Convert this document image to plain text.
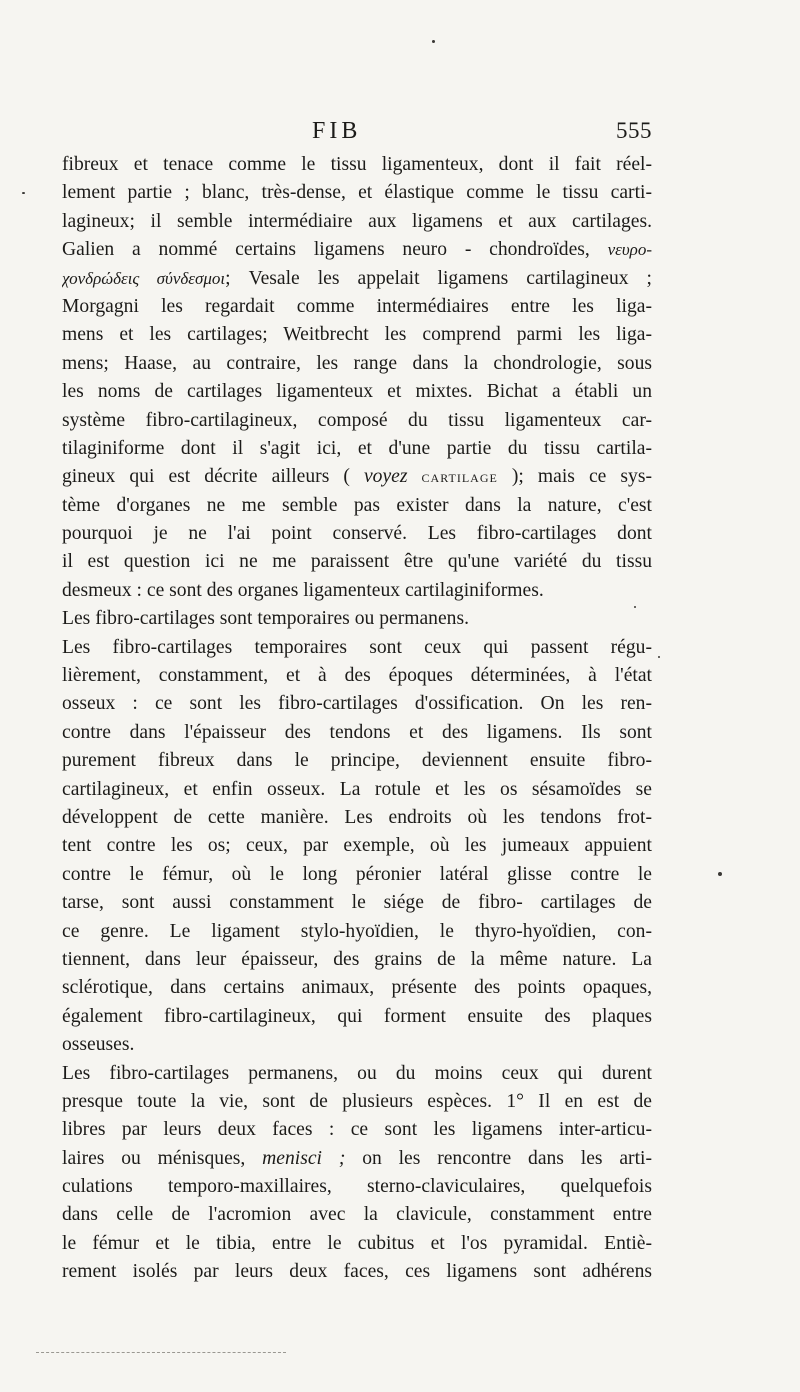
FIB	555
fibreux et tenace comme le tissu ligamenteux, dont il fait réel-
lement partie ; blanc, très-dense, et élastique comme le tissu carti-
lagineux; il semble intermédiaire aux ligamens et aux cartilages.
Galien a nommé certains ligamens neuro - chondroïdes, νευρο-
χονδρώδεις σύνδεσμοι; Vesale les appelait ligamens cartilagineux ;
Morgagni les regardait comme intermédiaires entre les liga-
mens et les cartilages; Weitbrecht les comprend parmi les liga-
mens; Haase, au contraire, les range dans la chondrologie, sous
les noms de cartilages ligamenteux et mixtes. Bichat a établi un
système fibro-cartilagineux, composé du tissu ligamenteux car-
tilaginiforme dont il s'agit ici, et d'une partie du tissu cartila-
gineux qui est décrite ailleurs ( voyez cartilage ); mais ce sys-
tème d'organes ne me semble pas exister dans la nature, c'est
pourquoi je ne l'ai point conservé. Les fibro-cartilages dont
il est question ici ne me paraissent être qu'une variété du tissu
desmeux : ce sont des organes ligamenteux cartilaginiformes.
Les fibro-cartilages sont temporaires ou permanens.
Les fibro-cartilages temporaires sont ceux qui passent régu-
lièrement, constamment, et à des époques déterminées, à l'état
osseux : ce sont les fibro-cartilages d'ossification. On les ren-
contre dans l'épaisseur des tendons et des ligamens. Ils sont
purement fibreux dans le principe, deviennent ensuite fibro-
cartilagineux, et enfin osseux. La rotule et les os sésamoïdes se
développent de cette manière. Les endroits où les tendons frot-
tent contre les os; ceux, par exemple, où les jumeaux appuient
contre le fémur, où le long péronier latéral glisse contre le
tarse, sont aussi constamment le siége de fibro- cartilages de
ce genre. Le ligament stylo-hyoïdien, le thyro-hyoïdien, con-
tiennent, dans leur épaisseur, des grains de la même nature. La
sclérotique, dans certains animaux, présente des points opaques,
également fibro-cartilagineux, qui forment ensuite des plaques
osseuses.
Les fibro-cartilages permanens, ou du moins ceux qui durent
presque toute la vie, sont de plusieurs espèces. 1° Il en est de
libres par leurs deux faces : ce sont les ligamens inter-articu-
laires ou ménisques, menisci ; on les rencontre dans les arti-
culations temporo-maxillaires, sterno-claviculaires, quelquefois
dans celle de l'acromion avec la clavicule, constamment entre
le fémur et le tibia, entre le cubitus et l'os pyramidal. Entiè-
rement isolés par leurs deux faces, ces ligamens sont adhérens
